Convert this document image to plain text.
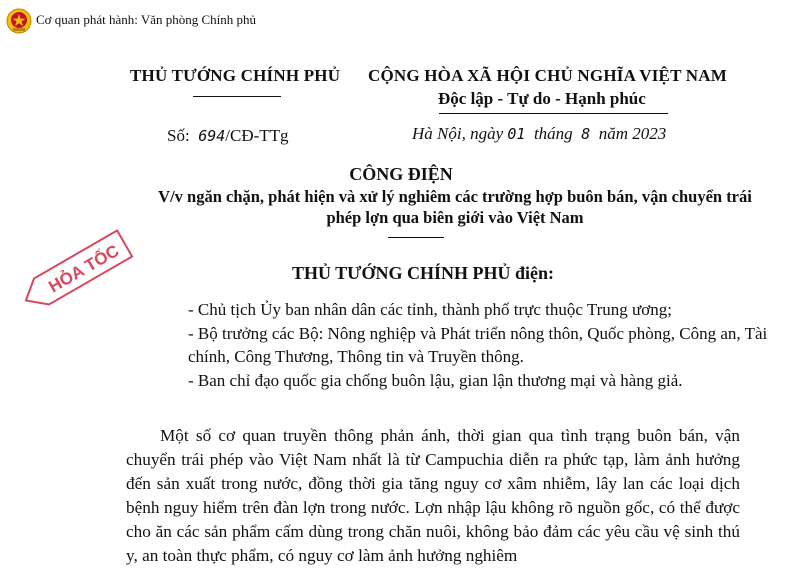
Cơ quan phát hành: Văn phòng Chính phủ
THỦ TƯỚNG CHÍNH PHỦ CỘNG HÒA XÃ HỘI CHỦ NGHĨA VIỆT NAM
Độc lập - Tự do - Hạnh phúc
Số: 694/CĐ-TTg	Hà Nội, ngày 01 tháng 8 năm 2023
CÔNG ĐIỆN
V/v ngăn chặn, phát hiện và xử lý nghiêm các trường hợp buôn bán, vận chuyển trái phép lợn qua biên giới vào Việt Nam
HỎA TỐC	THỦ TƯỚNG CHÍNH PHỦ điện:
- Chủ tịch Ủy ban nhân dân các tỉnh, thành phố trực thuộc Trung ương;
- Bộ trưởng các Bộ: Nông nghiệp và Phát triển nông thôn, Quốc phòng, Công an, Tài chính, Công Thương, Thông tin và Truyền thông.
- Ban chỉ đạo quốc gia chống buôn lậu, gian lận thương mại và hàng giả.

Một số cơ quan truyền thông phản ánh, thời gian qua tình trạng buôn bán, vận chuyển trái phép vào Việt Nam nhất là từ Campuchia diễn ra phức tạp, làm ảnh hưởng đến sản xuất trong nước, đồng thời gia tăng nguy cơ xâm nhiễm, lây lan các loại dịch bệnh nguy hiểm trên đàn lợn trong nước. Lợn nhập lậu không rõ nguồn gốc, có thể được cho ăn các sản phẩm cấm dùng trong chăn nuôi, không bảo đảm các yêu cầu vệ sinh thú y, an toàn thực phẩm, có nguy cơ làm ảnh hưởng nghiêm
